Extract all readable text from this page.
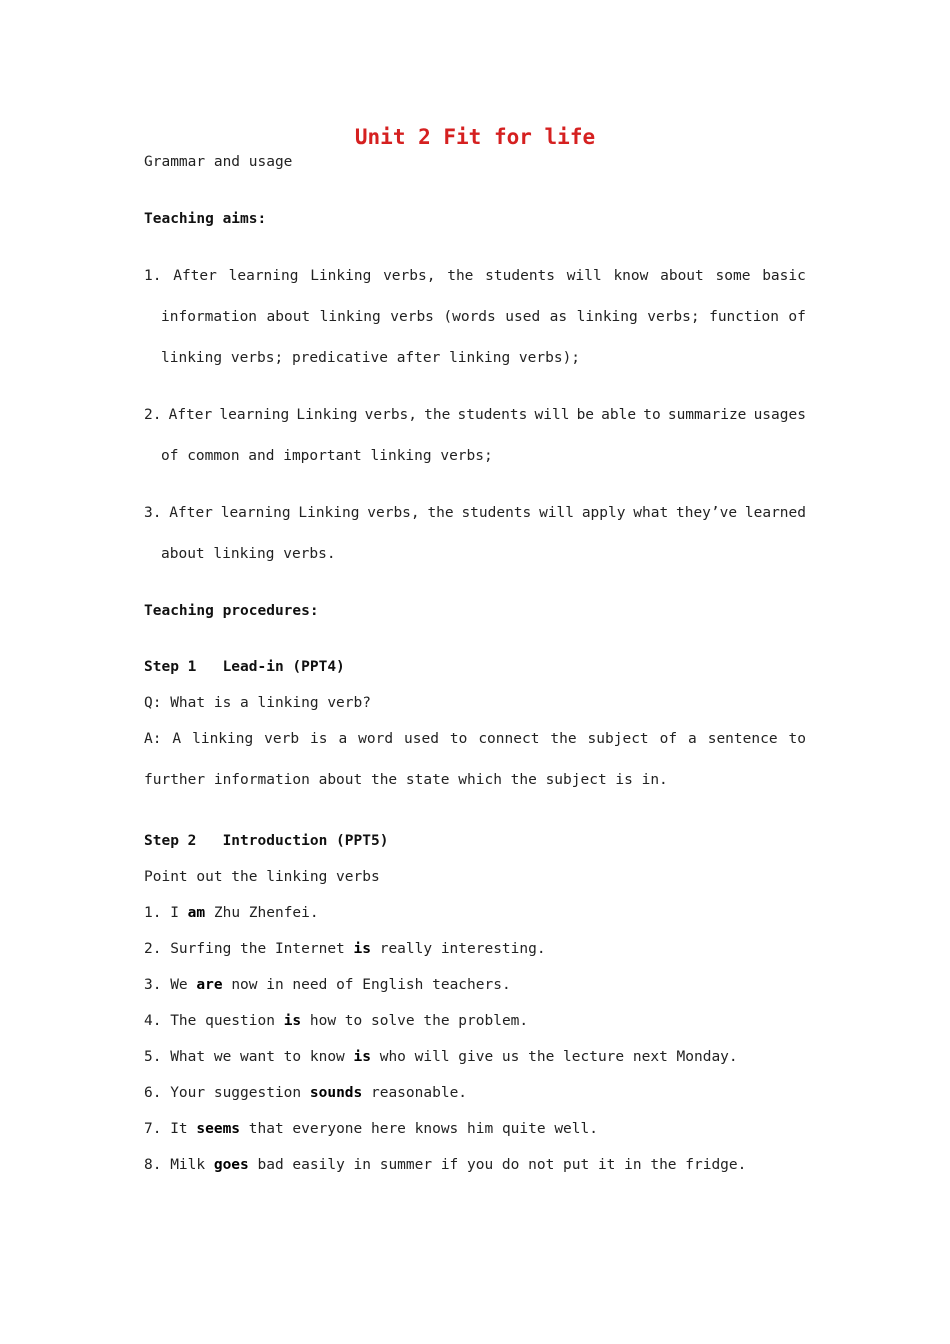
Unit 2 Fit for life
Grammar and usage
Teaching aims:
1. After learning Linking verbs, the students will know about some basic
information about linking verbs (words used as linking verbs; function of
linking verbs; predicative after linking verbs);
2. After learning Linking verbs, the students will be able to summarize usages
of common and important linking verbs;
3. After learning Linking verbs, the students will apply what they’ve learned
about linking verbs.
Teaching procedures:
Step 1   Lead-in (PPT4)
Q: What is a linking verb?
A: A linking verb is a word used to connect the subject of a sentence to
further information about the state which the subject is in.
Step 2   Introduction (PPT5)
Point out the linking verbs
1. I am Zhu Zhenfei.
2. Surfing the Internet is really interesting.
3. We are now in need of English teachers.
4. The question is how to solve the problem.
5. What we want to know is who will give us the lecture next Monday.
6. Your suggestion sounds reasonable.
7. It seems that everyone here knows him quite well.
8. Milk goes bad easily in summer if you do not put it in the fridge.
